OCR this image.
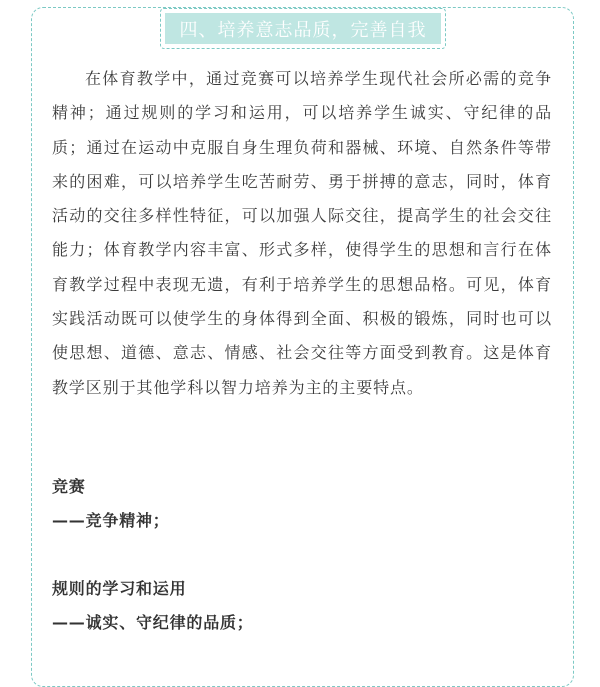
四、培养意志品质，完善自我

在体育教学中，通过竞赛可以培养学生现代社会所必需的竞争精神；通过规则的学习和运用，可以培养学生诚实、守纪律的品质；通过在运动中克服自身生理负荷和器械、环境、自然条件等带来的困难，可以培养学生吃苦耐劳、勇于拼搏的意志，同时，体育活动的交往多样性特征，可以加强人际交往，提高学生的社会交往能力；体育教学内容丰富、形式多样，使得学生的思想和言行在体育教学过程中表现无遗，有利于培养学生的思想品格。可见，体育实践活动既可以使学生的身体得到全面、积极的锻炼，同时也可以使思想、道德、意志、情感、社会交往等方面受到教育。这是体育教学区别于其他学科以智力培养为主的主要特点。

竞赛
——竞争精神；
规则的学习和运用
——诚实、守纪律的品质；
